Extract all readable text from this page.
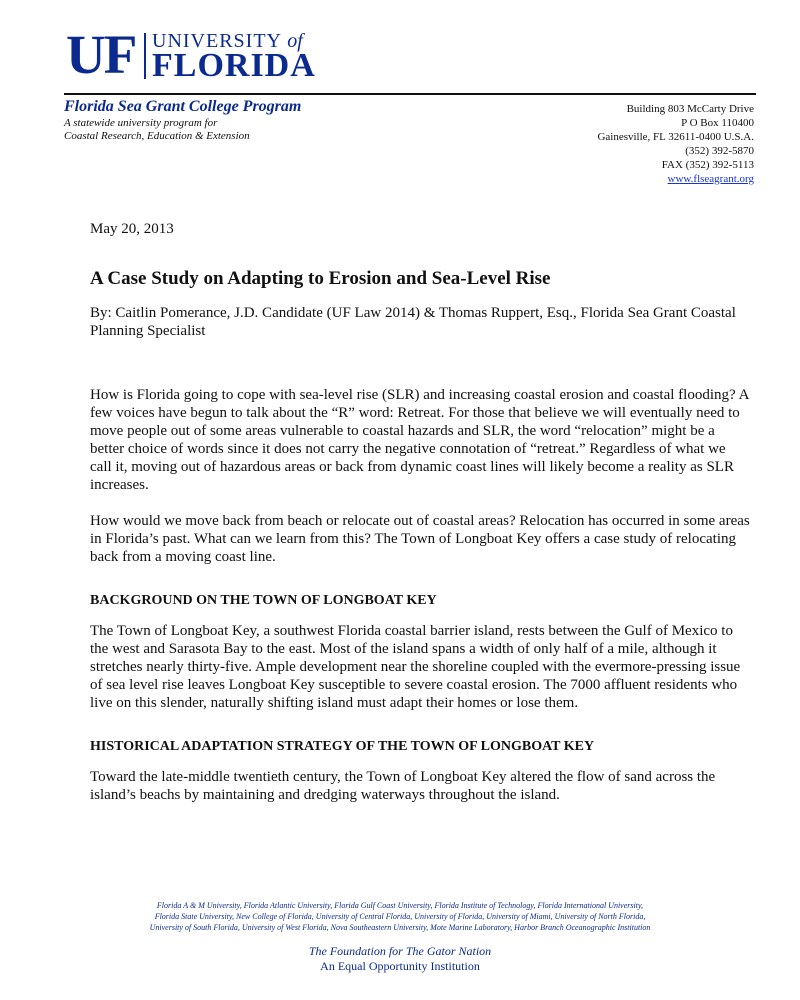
UF UNIVERSITY of
FLORIDA
Florida Sea Grant College Program
A statewide university program for
Coastal Research, Education & Extension
Building 803 McCarty Drive
P O Box 110400
Gainesville, FL 32611-0400 U.S.A.
(352) 392-5870
FAX (352) 392-5113
www.flseagrant.org

May 20, 2013

A Case Study on Adapting to Erosion and Sea-Level Rise

By: Caitlin Pomerance, J.D. Candidate (UF Law 2014) & Thomas Ruppert, Esq., Florida Sea Grant Coastal Planning Specialist

How is Florida going to cope with sea-level rise (SLR) and increasing coastal erosion and coastal flooding? A few voices have begun to talk about the “R” word: Retreat. For those that believe we will eventually need to move people out of some areas vulnerable to coastal hazards and SLR, the word “relocation” might be a better choice of words since it does not carry the negative connotation of “retreat.” Regardless of what we call it, moving out of hazardous areas or back from dynamic coast lines will likely become a reality as SLR increases.

How would we move back from beach or relocate out of coastal areas? Relocation has occurred in some areas in Florida’s past. What can we learn from this? The Town of Longboat Key offers a case study of relocating back from a moving coast line.

BACKGROUND ON THE TOWN OF LONGBOAT KEY

The Town of Longboat Key, a southwest Florida coastal barrier island, rests between the Gulf of Mexico to the west and Sarasota Bay to the east. Most of the island spans a width of only half of a mile, although it stretches nearly thirty-five. Ample development near the shoreline coupled with the evermore-pressing issue of sea level rise leaves Longboat Key susceptible to severe coastal erosion. The 7000 affluent residents who live on this slender, naturally shifting island must adapt their homes or lose them.

HISTORICAL ADAPTATION STRATEGY OF THE TOWN OF LONGBOAT KEY

Toward the late-middle twentieth century, the Town of Longboat Key altered the flow of sand across the island’s beachs by maintaining and dredging waterways throughout the island.

Florida A & M University, Florida Atlantic University, Florida Gulf Coast University, Florida Institute of Technology, Florida International University,
Florida State University, New College of Florida, University of Central Florida, University of Florida, University of Miami, University of North Florida,
University of South Florida, University of West Florida, Nova Southeastern University, Mote Marine Laboratory, Harbor Branch Oceanographic Institution
The Foundation for The Gator Nation
An Equal Opportunity Institution
